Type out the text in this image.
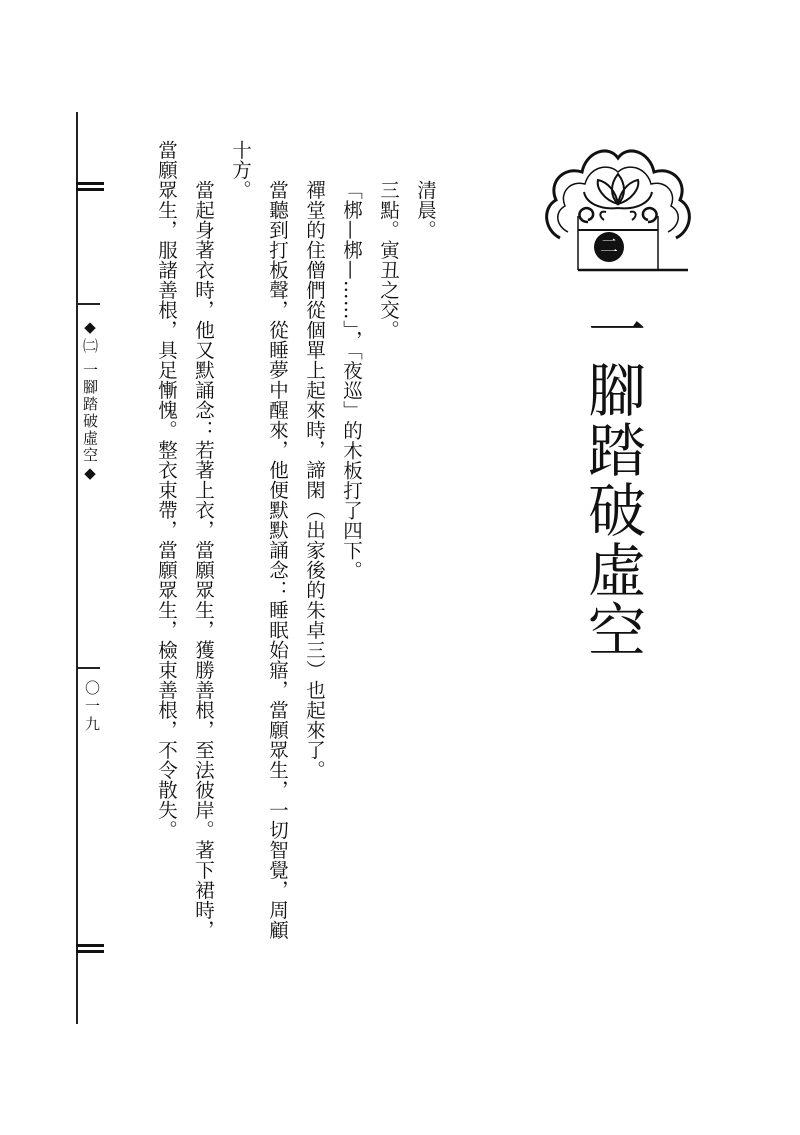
◆㈡ 一腳踏破虛空◆
〇一九
二
一腳踏破虛空
清晨。
三點。寅丑之交。
「梆—梆—……」，「夜巡」的木板打了四下。
禪堂的住僧們從個單上起來時，諦閑（出家後的朱卓三）也起來了。
當聽到打板聲，從睡夢中醒來，他便默默誦念：睡眠始寤，當願眾生，一切智覺，周顧
十方。
當起身著衣時，他又默誦念：若著上衣，當願眾生，獲勝善根，至法彼岸。著下裙時，
當願眾生，服諸善根，具足慚愧。整衣束帶，當願眾生，檢束善根，不令散失。
